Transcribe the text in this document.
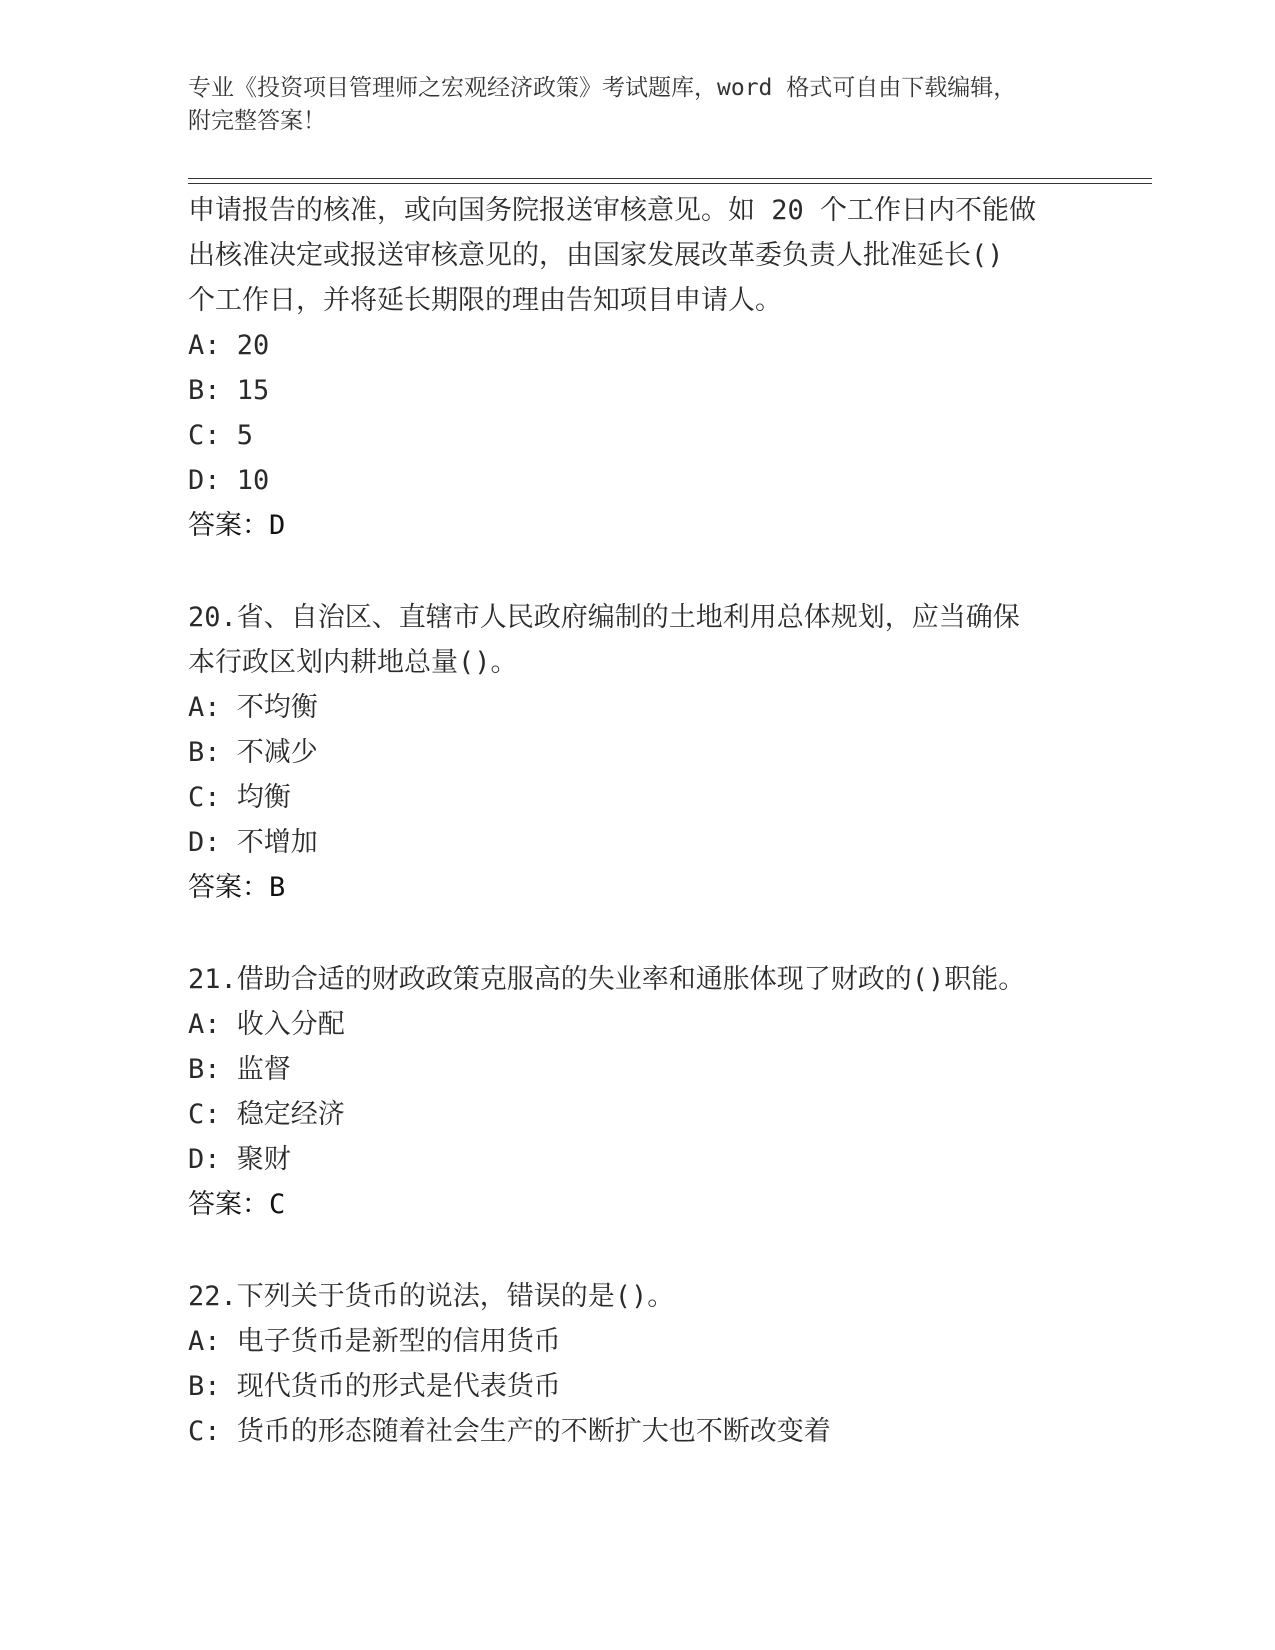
专业《投资项目管理师之宏观经济政策》考试题库，word 格式可自由下载编辑，
附完整答案！

申请报告的核准，或向国务院报送审核意见。如 20 个工作日内不能做

出核准决定或报送审核意见的，由国家发展改革委负责人批准延长()

个工作日，并将延长期限的理由告知项目申请人。

A: 20

B: 15

C: 5

D: 10

答案：D

20.省、自治区、直辖市人民政府编制的土地利用总体规划，应当确保

本行政区划内耕地总量()。

A: 不均衡

B: 不减少

C: 均衡

D: 不增加

答案：B

21.借助合适的财政政策克服高的失业率和通胀体现了财政的()职能。

A: 收入分配

B: 监督

C: 稳定经济

D: 聚财

答案：C

22.下列关于货币的说法，错误的是()。

A: 电子货币是新型的信用货币

B: 现代货币的形式是代表货币

C: 货币的形态随着社会生产的不断扩大也不断改变着
